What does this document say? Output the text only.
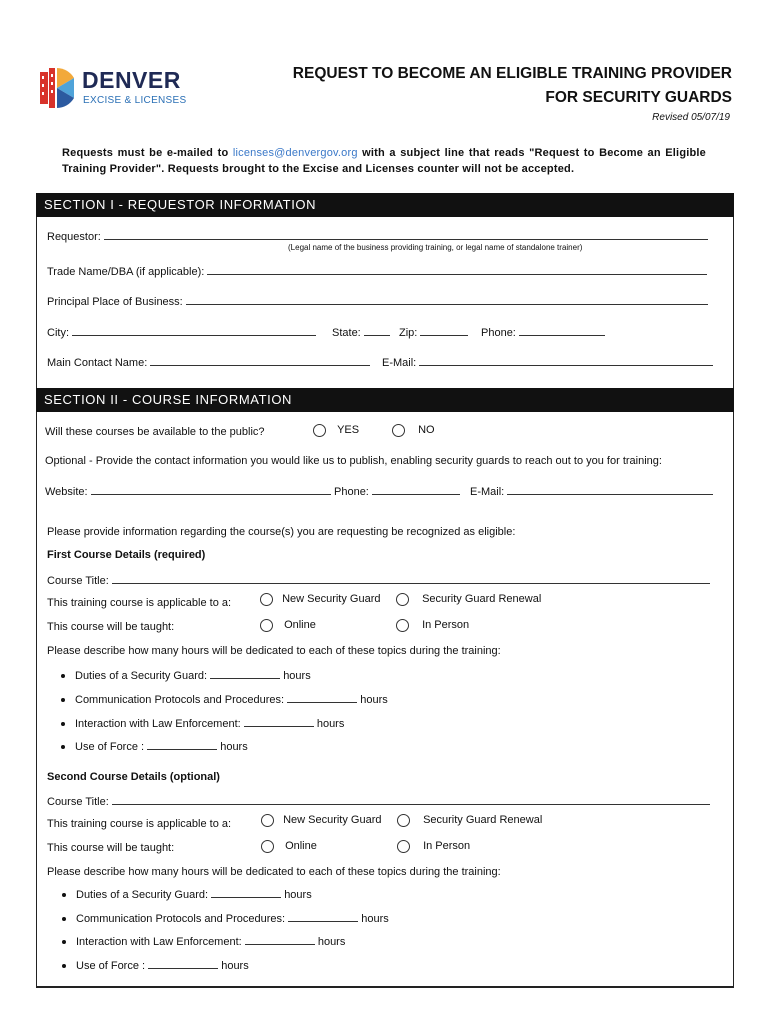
DENVER
EXCISE & LICENSES
REQUEST TO BECOME AN ELIGIBLE TRAINING PROVIDER
FOR SECURITY GUARDS
Revised 05/07/19
Requests must be e-mailed to licenses@denvergov.org with a subject line that reads "Request to Become an Eligible Training Provider". Requests brought to the Excise and Licenses counter will not be accepted.
SECTION I - REQUESTOR INFORMATION
Requestor:
(Legal name of the business providing training, or legal name of standalone trainer)
Trade Name/DBA (if applicable):
Principal Place of Business:
City:	State:	Zip:	Phone:
Main Contact Name:	E-Mail:
SECTION II - COURSE INFORMATION
Will these courses be available to the public?	YES	NO
Optional - Provide the contact information you would like us to publish, enabling security guards to reach out to you for training:
Website:	Phone:	E-Mail:
Please provide information regarding the course(s) you are requesting be recognized as eligible:
First Course Details (required)
Course Title:
This training course is applicable to a:	New Security Guard	Security Guard Renewal
This course will be taught:	Online	In Person
Please describe how many hours will be dedicated to each of these topics during the training:
Duties of a Security Guard:	hours
Communication Protocols and Procedures:	hours
Interaction with Law Enforcement:	hours
Use of Force :	hours
Second Course Details (optional)
Course Title:
This training course is applicable to a:	New Security Guard	Security Guard Renewal
This course will be taught:	Online	In Person
Please describe how many hours will be dedicated to each of these topics during the training:
Duties of a Security Guard:	hours
Communication Protocols and Procedures:	hours
Interaction with Law Enforcement:	hours
Use of Force :	hours
